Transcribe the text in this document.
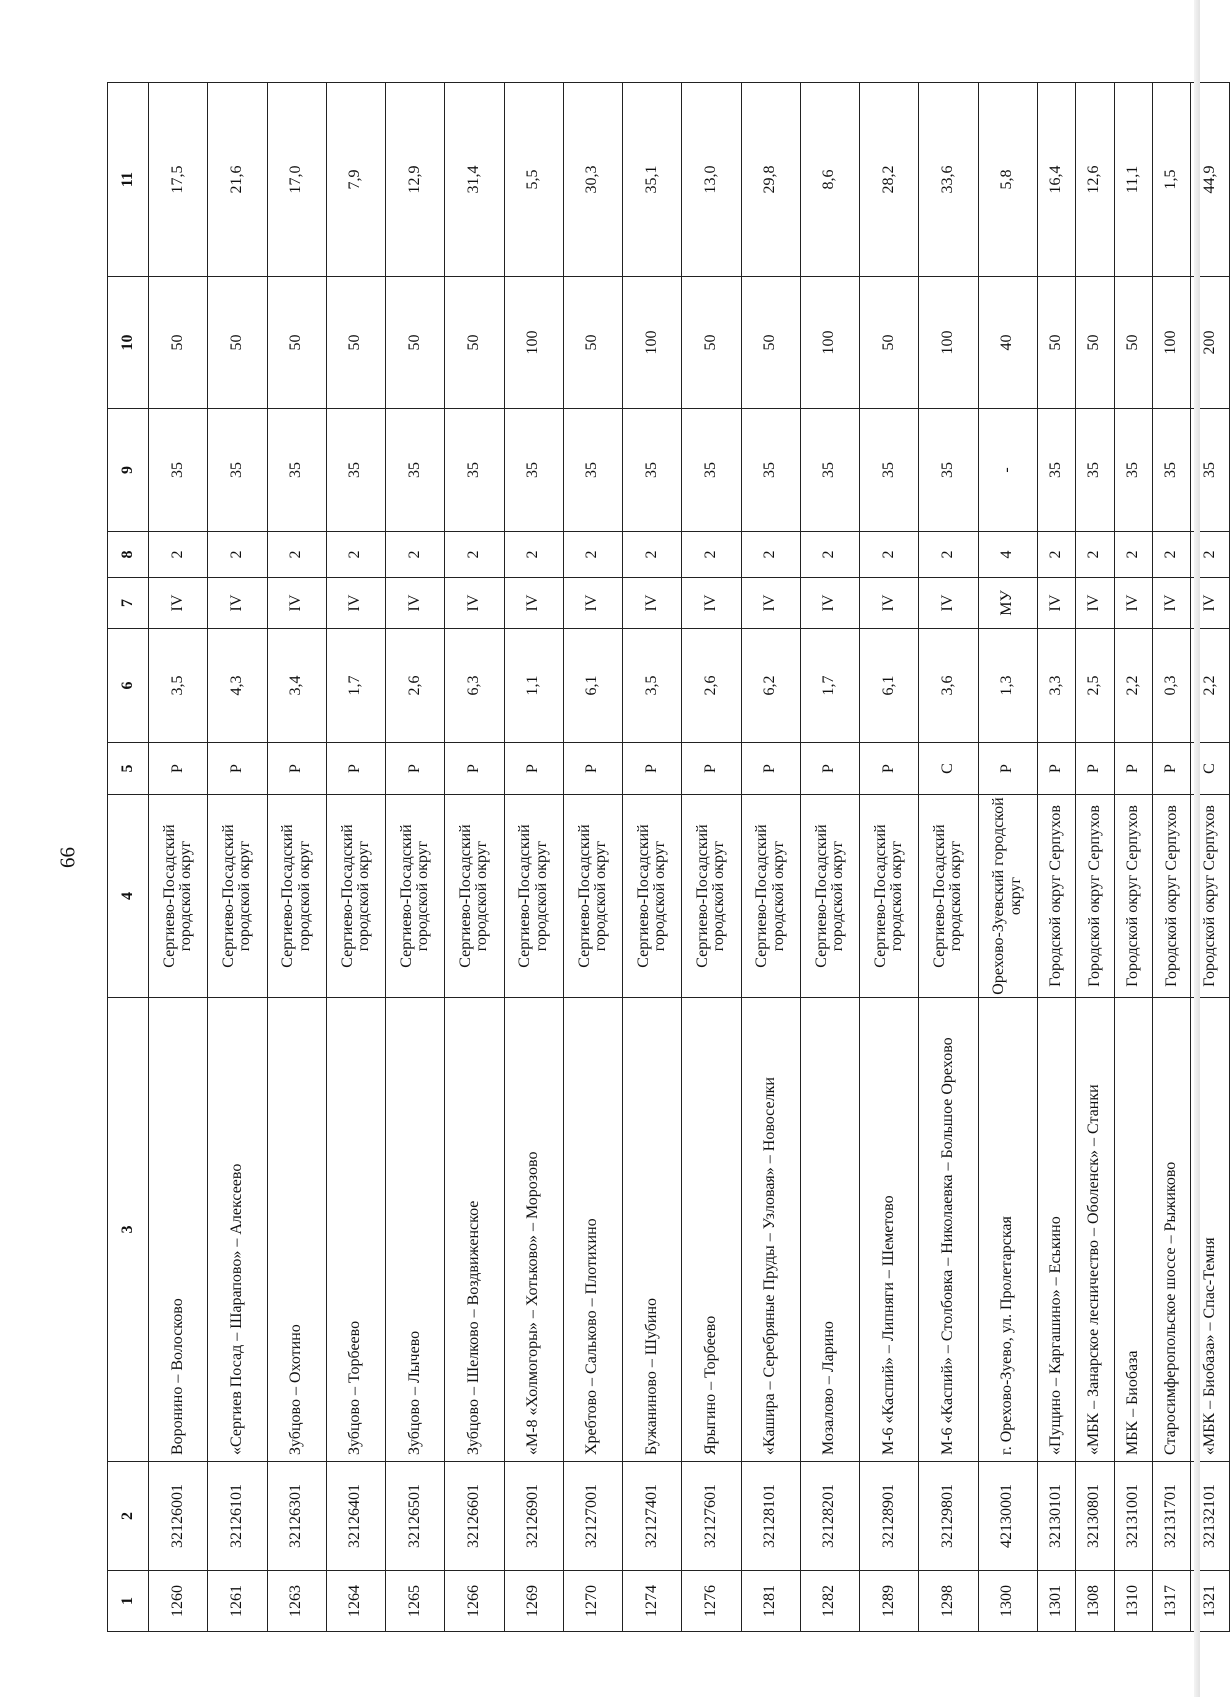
66
1	2	3	4	5	6	7	8	9	10	11
1260	32126001	Воронино – Волосково	Сергиево-Посадский городской округ	Р	3,5	IV	2	35	50	17,5
1261	32126101	«Сергиев Посад – Шарапово» – Алексеево	Сергиево-Посадский городской округ	Р	4,3	IV	2	35	50	21,6
1263	32126301	Зубцово – Охотино	Сергиево-Посадский городской округ	Р	3,4	IV	2	35	50	17,0
1264	32126401	Зубцово – Торбеево	Сергиево-Посадский городской округ	Р	1,7	IV	2	35	50	7,9
1265	32126501	Зубцово – Лычево	Сергиево-Посадский городской округ	Р	2,6	IV	2	35	50	12,9
1266	32126601	Зубцово – Шелково – Воздвиженское	Сергиево-Посадский городской округ	Р	6,3	IV	2	35	50	31,4
1269	32126901	«М-8 «Холмогоры» – Хотьково» – Морозово	Сергиево-Посадский городской округ	Р	1,1	IV	2	35	100	5,5
1270	32127001	Хребтово – Сальково – Плотихино	Сергиево-Посадский городской округ	Р	6,1	IV	2	35	50	30,3
1274	32127401	Бужаниново – Шубино	Сергиево-Посадский городской округ	Р	3,5	IV	2	35	100	35,1
1276	32127601	Ярыгино – Торбеево	Сергиево-Посадский городской округ	Р	2,6	IV	2	35	50	13,0
1281	32128101	«Кашира – Серебряные Пруды – Узловая» – Новоселки	Сергиево-Посадский городской округ	Р	6,2	IV	2	35	50	29,8
1282	32128201	Мозалово – Ларино	Сергиево-Посадский городской округ	Р	1,7	IV	2	35	100	8,6
1289	32128901	М-6 «Каспий» – Липняги – Шеметово	Сергиево-Посадский городской округ	Р	6,1	IV	2	35	50	28,2
1298	32129801	М-6 «Каспий» – Столбовка – Николаевка – Большое Орехово	Сергиево-Посадский городской округ	С	3,6	IV	2	35	100	33,6
1300	42130001	г. Орехово-Зуево, ул. Пролетарская	Орехово-Зуевский городской округ	Р	1,3	МУ	4	-	40	5,8
1301	32130101	«Пущино – Каргашино» – Еськино	Городской округ Серпухов	Р	3,3	IV	2	35	50	16,4
1308	32130801	«МБК – Занарское лесничество – Оболенск» – Станки	Городской округ Серпухов	Р	2,5	IV	2	35	50	12,6
1310	32131001	МБК – Биобаза	Городской округ Серпухов	Р	2,2	IV	2	35	50	11,1
1317	32131701	Старосимферопольское шоссе – Рыжиково	Городской округ Серпухов	Р	0,3	IV	2	35	100	1,5
1321	32132101	«МБК – Биобаза» – Спас-Темня	Городской округ Серпухов	С	2,2	IV	2	35	200	44,9
